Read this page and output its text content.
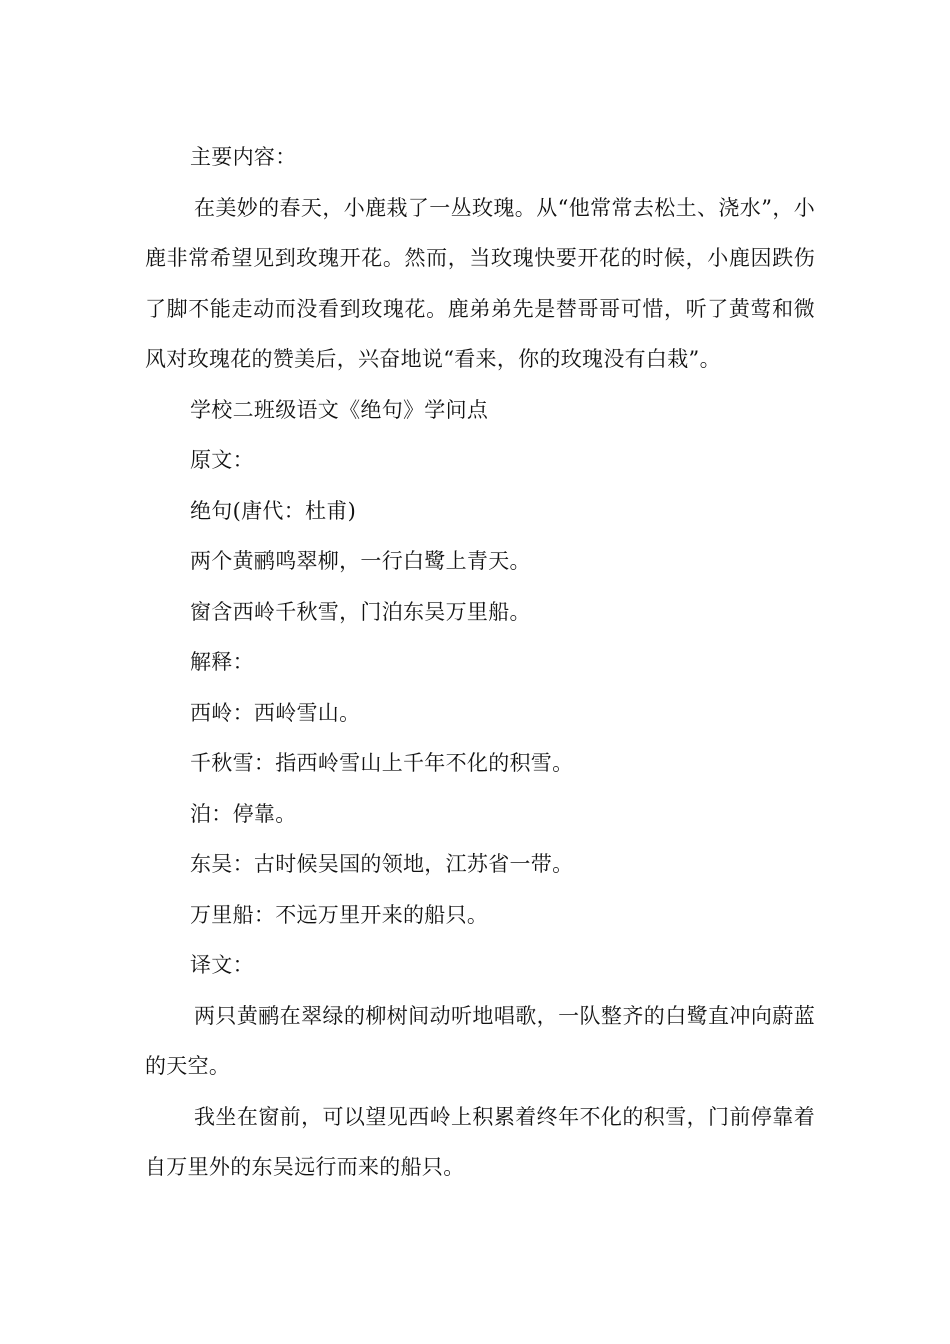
主要内容：

在美妙的春天，小鹿栽了一丛玫瑰。从“他常常去松土、浇水”，小鹿非常希望见到玫瑰开花。然而，当玫瑰快要开花的时候，小鹿因跌伤了脚不能走动而没看到玫瑰花。鹿弟弟先是替哥哥可惜，听了黄莺和微风对玫瑰花的赞美后，兴奋地说“看来，你的玫瑰没有白栽”。

学校二班级语文《绝句》学问点

原文：

绝句(唐代：杜甫)

两个黄鹂鸣翠柳，一行白鹭上青天。

窗含西岭千秋雪，门泊东吴万里船。

解释：

西岭：西岭雪山。

千秋雪：指西岭雪山上千年不化的积雪。

泊：停靠。

东吴：古时候吴国的领地，江苏省一带。

万里船：不远万里开来的船只。

译文：

两只黄鹂在翠绿的柳树间动听地唱歌，一队整齐的白鹭直冲向蔚蓝的天空。

我坐在窗前，可以望见西岭上积累着终年不化的积雪，门前停靠着自万里外的东吴远行而来的船只。
